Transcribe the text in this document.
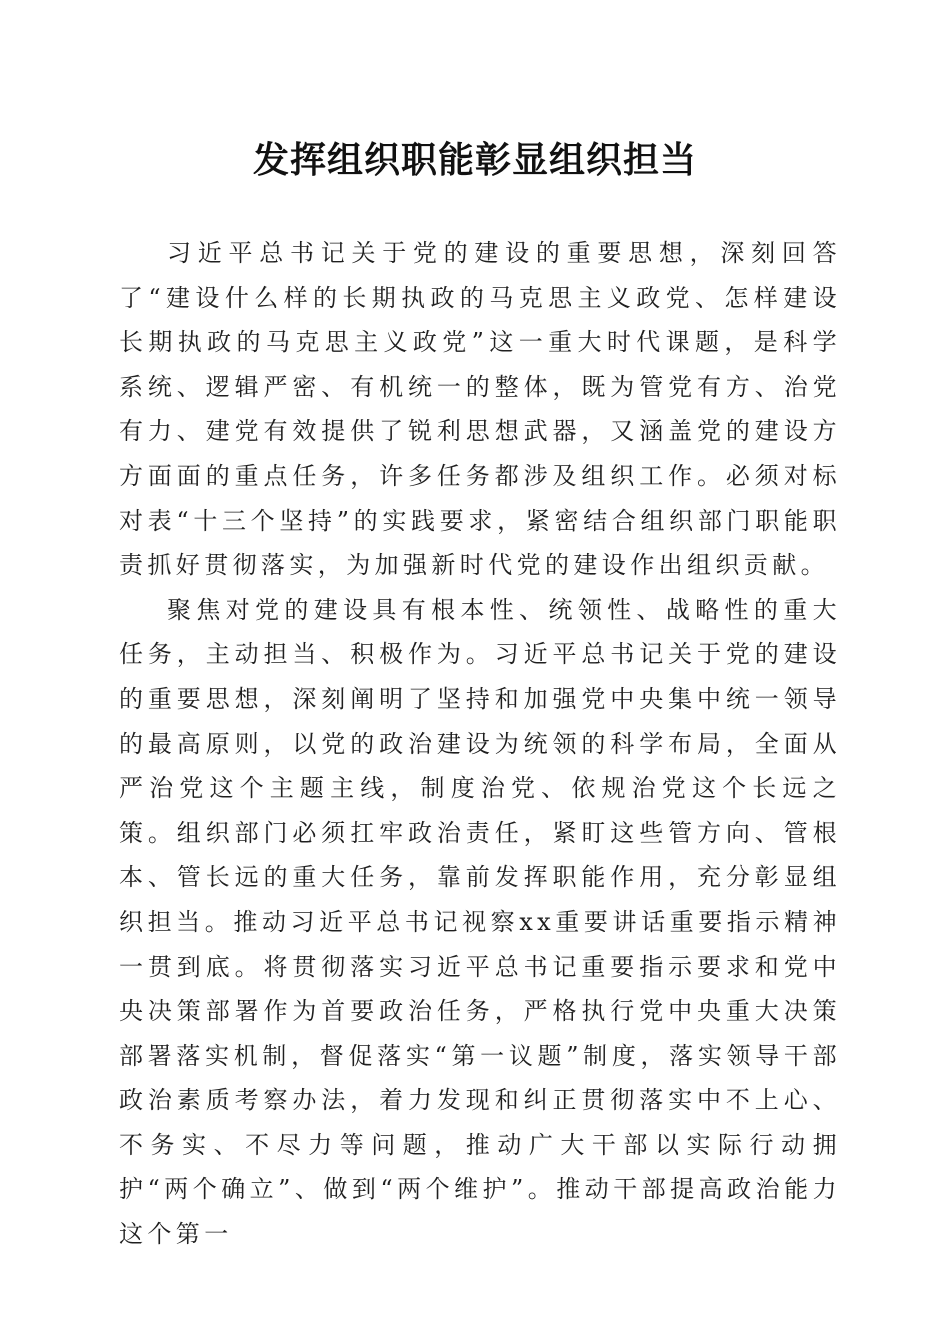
发挥组织职能彰显组织担当

习近平总书记关于党的建设的重要思想，深刻回答了“建设什么样的长期执政的马克思主义政党、怎样建设长期执政的马克思主义政党”这一重大时代课题，是科学系统、逻辑严密、有机统一的整体，既为管党有方、治党有力、建党有效提供了锐利思想武器，又涵盖党的建设方方面面的重点任务，许多任务都涉及组织工作。必须对标对表“十三个坚持”的实践要求，紧密结合组织部门职能职责抓好贯彻落实，为加强新时代党的建设作出组织贡献。

聚焦对党的建设具有根本性、统领性、战略性的重大任务，主动担当、积极作为。习近平总书记关于党的建设的重要思想，深刻阐明了坚持和加强党中央集中统一领导的最高原则，以党的政治建设为统领的科学布局，全面从严治党这个主题主线，制度治党、依规治党这个长远之策。组织部门必须扛牢政治责任，紧盯这些管方向、管根本、管长远的重大任务，靠前发挥职能作用，充分彰显组织担当。推动习近平总书记视察xx重要讲话重要指示精神一贯到底。将贯彻落实习近平总书记重要指示要求和党中央决策部署作为首要政治任务，严格执行党中央重大决策部署落实机制，督促落实“第一议题”制度，落实领导干部政治素质考察办法，着力发现和纠正贯彻落实中不上心、不务实、不尽力等问题，推动广大干部以实际行动拥护“两个确立”、做到“两个维护”。推动干部提高政治能力这个第一
